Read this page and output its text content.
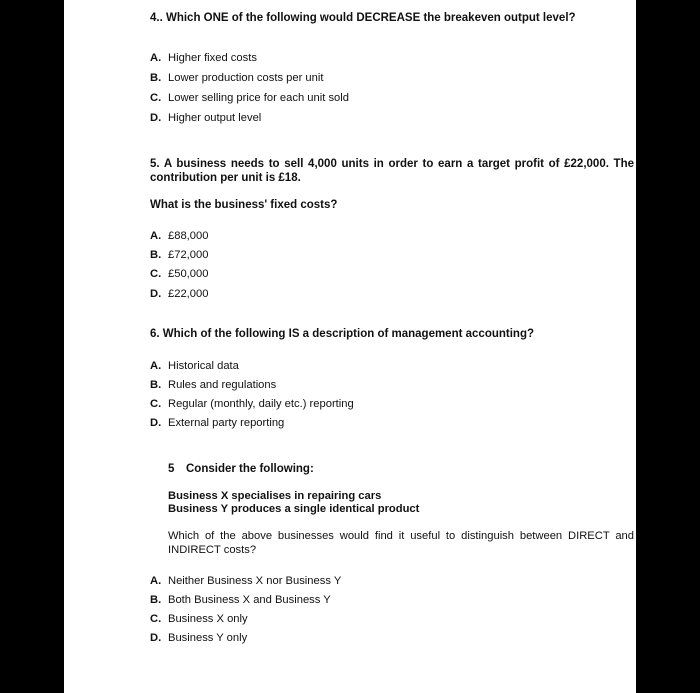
4.. Which ONE of the following would DECREASE the breakeven output level?
A. Higher fixed costs
B. Lower production costs per unit
C. Lower selling price for each unit sold
D. Higher output level
5. A business needs to sell 4,000 units in order to earn a target profit of £22,000. The contribution per unit is £18.
What is the business' fixed costs?
A. £88,000
B. £72,000
C. £50,000
D. £22,000
6. Which of the following IS a description of management accounting?
A. Historical data
B. Rules and regulations
C. Regular (monthly, daily etc.) reporting
D. External party reporting
5 Consider the following:
Business X specialises in repairing cars
Business Y produces a single identical product
Which of the above businesses would find it useful to distinguish between DIRECT and INDIRECT costs?
A. Neither Business X nor Business Y
B. Both Business X and Business Y
C. Business X only
D. Business Y only
